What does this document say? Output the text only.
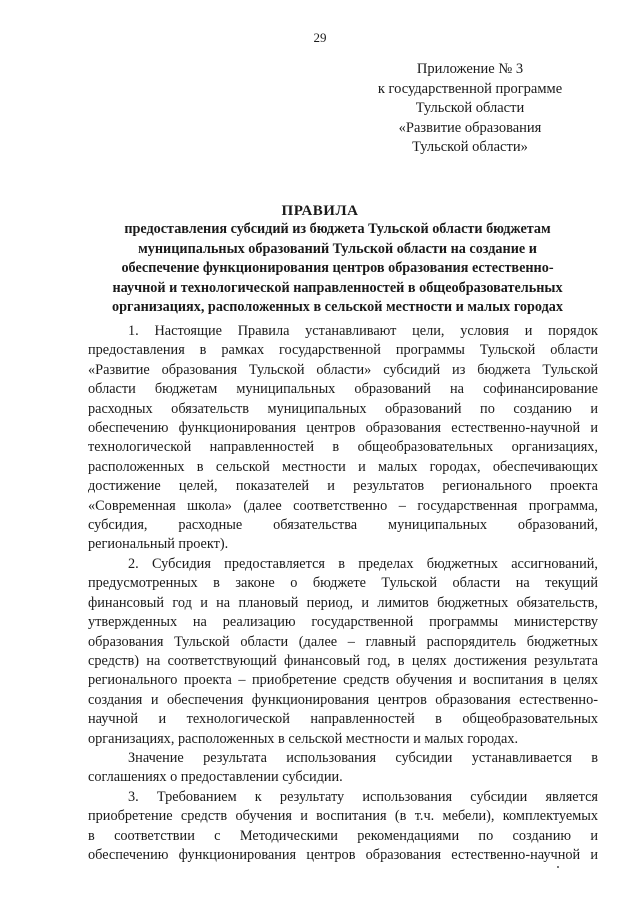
29
Приложение № 3
к государственной программе
Тульской области
«Развитие образования
Тульской области»
ПРАВИЛА
предоставления субсидий из бюджета Тульской области бюджетам
муниципальных образований Тульской области на создание и
обеспечение функционирования центров образования естественно-
научной и технологической направленностей в общеобразовательных
организациях, расположенных в сельской местности и малых городах
1. Настоящие Правила устанавливают цели, условия и порядок
предоставления в рамках государственной программы Тульской области
«Развитие образования Тульской области» субсидий из бюджета Тульской
области бюджетам муниципальных образований на софинансирование
расходных обязательств муниципальных образований по созданию и
обеспечению функционирования центров образования естественно-научной и
технологической направленностей в общеобразовательных организациях,
расположенных в сельской местности и малых городах, обеспечивающих
достижение целей, показателей и результатов регионального проекта
«Современная школа» (далее соответственно – государственная программа,
субсидия, расходные обязательства муниципальных образований,
региональный проект).
2. Субсидия предоставляется в пределах бюджетных ассигнований,
предусмотренных в законе о бюджете Тульской области на текущий
финансовый год и на плановый период, и лимитов бюджетных обязательств,
утвержденных на реализацию государственной программы министерству
образования Тульской области (далее – главный распорядитель бюджетных
средств) на соответствующий финансовый год, в целях достижения результата
регионального проекта – приобретение средств обучения и воспитания в целях
создания и обеспечения функционирования центров образования естественно-
научной и технологической направленностей в общеобразовательных
организациях, расположенных в сельской местности и малых городах.
Значение результата использования субсидии устанавливается в
соглашениях о предоставлении субсидии.
3. Требованием к результату использования субсидии является
приобретение средств обучения и воспитания (в т.ч. мебели), комплектуемых
в соответствии с Методическими рекомендациями по созданию и
обеспечению функционирования центров образования естественно-научной и
